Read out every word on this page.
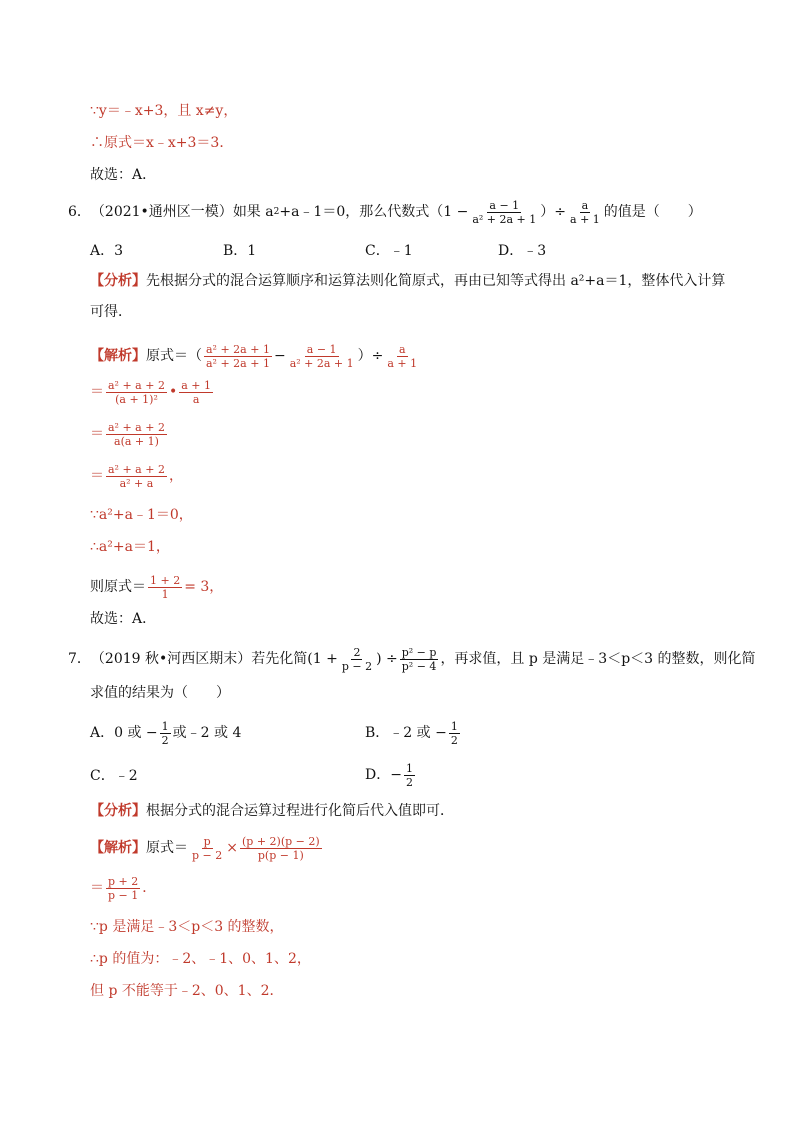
∵y＝﹣x+3，且 x≠y，
∴原式＝x﹣x+3＝3．
故选：A．
6． （2021•通州区一模） 如果 a 2 +a﹣1＝0，那么代数式（$1 - \frac{a - 1}{\text{a² + 2a + 1}}$ ）÷ $\frac{a}{a + 1}$ 的值是（　　）
A．3	B．1	C．﹣1	D．﹣3
【分析】先根据分式的混合运算顺序和运算法则化简原式，再由已知等式得出 a²+a＝1，整体代入计算
可得．
【解析】 原式＝（ $\frac{\text{a² + 2a + 1}}{\text{a² + 2a + 1}} - \frac{a - 1}{\text{a² + 2a + 1}}$ ）÷ $\frac{a}{a + 1}$
＝ $\frac{\text{a² + a + 2}}{\text{(a + 1)²}}$ • $\frac{a + 1}{a}$
＝ $\frac{\text{a² + a + 2}}{a(a + 1)}$
＝ $\frac{\text{a² + a + 2}}{\text{a² + a}}$ ，
∵a²+a﹣1＝0，
∴a²+a＝1，
则原式＝ $\frac{1 + 2}{1} = 3$，
故选：A．
7． （2019 秋•河西区期末） 若先化简($1 + \frac{2}{p - 2}$ ) ÷ $\frac{\text{p² − p}}{\text{p² − 4}}$ ，再求值，且 p 是满足﹣3＜p＜3 的整数，则化简
求值的结果为（　　）
A．0 或 − $\frac{1}{2}$ 或﹣2 或 4	B．﹣2 或 − $\frac{1}{2}$
C．﹣2	D．− $\frac{1}{2}$
【分析】根据分式的混合运算过程进行化简后代入值即可．
【解析】 原式＝ $\frac{p}{p - 2} \times \frac{(p + 2)(p - 2)}{p(p - 1)}$
＝ $\frac{p + 2}{p - 1}$ ．
∵p 是满足﹣3＜p＜3 的整数，
∴p 的值为：﹣2、﹣1、0、1、2，
但 p 不能等于﹣2、0、1、2．
